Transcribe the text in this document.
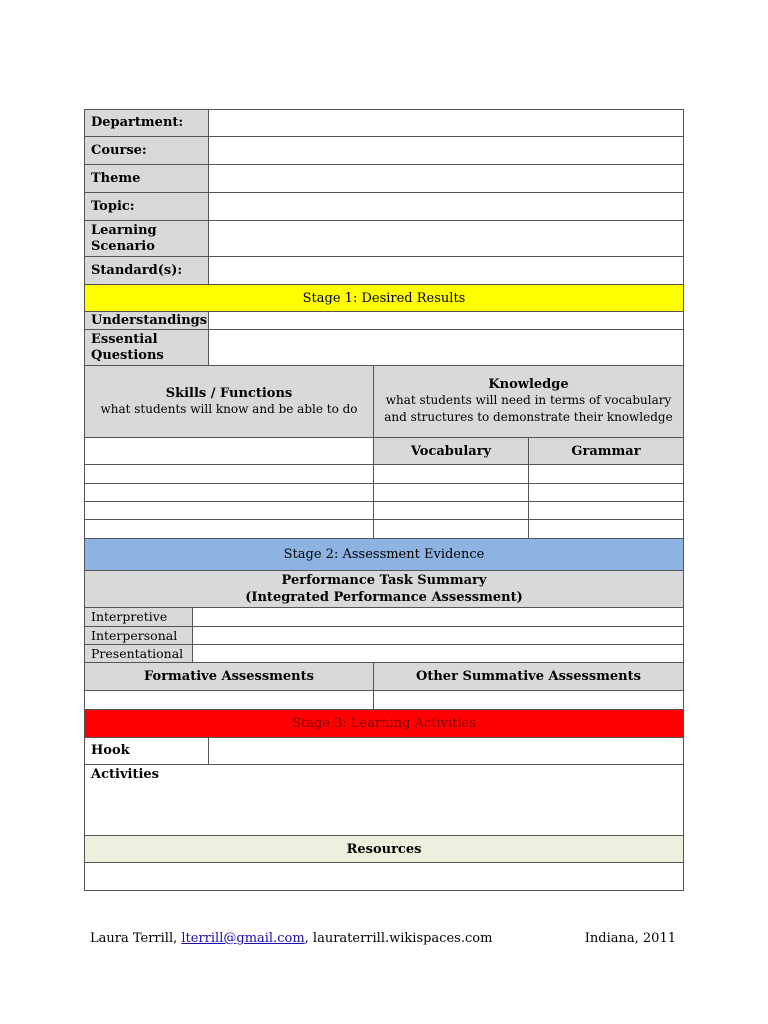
Department:
Course:
Theme
Topic:
Learning Scenario
Standard(s):
Stage 1: Desired Results
Understandings
Essential Questions
Skills / Functions
what students will know and be able to do
Knowledge
what students will need in terms of vocabulary and structures to demonstrate their knowledge
Vocabulary	Grammar
Stage 2: Assessment Evidence
Performance Task Summary
(Integrated Performance Assessment)
Interpretive
Interpersonal
Presentational
Formative Assessments	Other Summative Assessments
Stage 3: Learning Activities
Hook
Activities
Resources
Laura Terrill, lterrill@gmail.com, lauraterrill.wikispaces.com	Indiana, 2011
